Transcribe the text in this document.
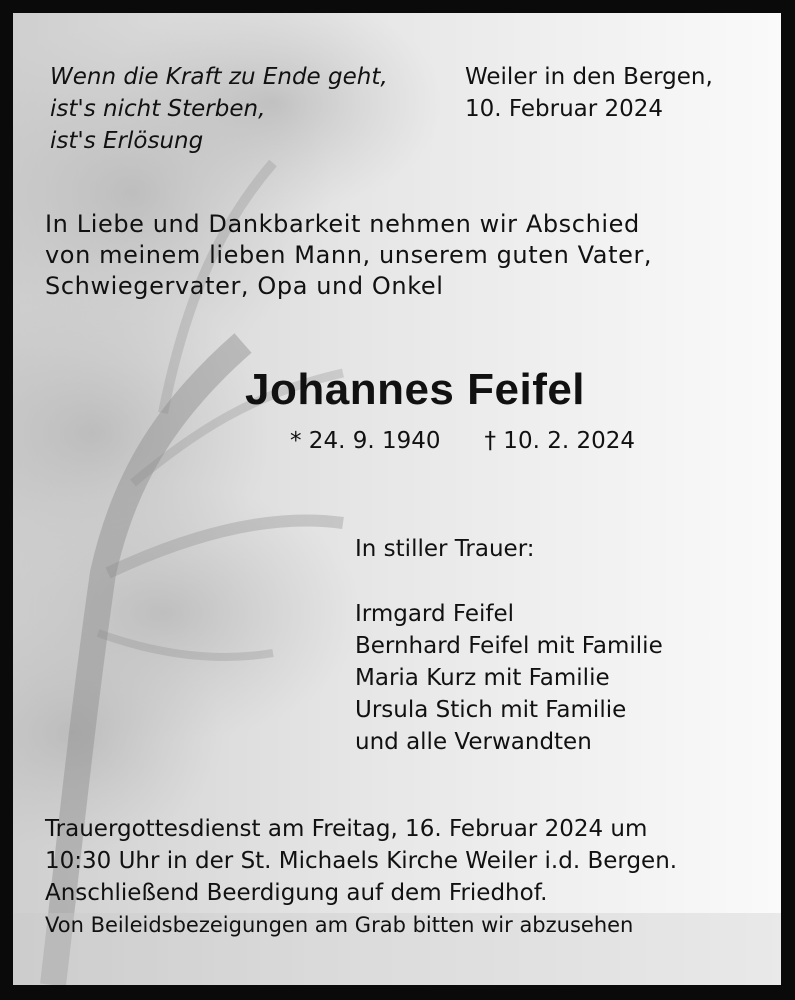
Wenn die Kraft zu Ende geht,
ist's nicht Sterben,
ist's Erlösung
Weiler in den Bergen,
10. Februar 2024
In Liebe und Dankbarkeit nehmen wir Abschied
von meinem lieben Mann, unserem guten Vater,
Schwiegervater, Opa und Onkel
Johannes Feifel
* 24. 9. 1940 † 10. 2. 2024
In stiller Trauer:
Irmgard Feifel
Bernhard Feifel mit Familie
Maria Kurz mit Familie
Ursula Stich mit Familie
und alle Verwandten
Trauergottesdienst am Freitag, 16. Februar 2024 um
10:30 Uhr in der St. Michaels Kirche Weiler i.d. Bergen.
Anschließend Beerdigung auf dem Friedhof.
Von Beileidsbezeigungen am Grab bitten wir abzusehen
